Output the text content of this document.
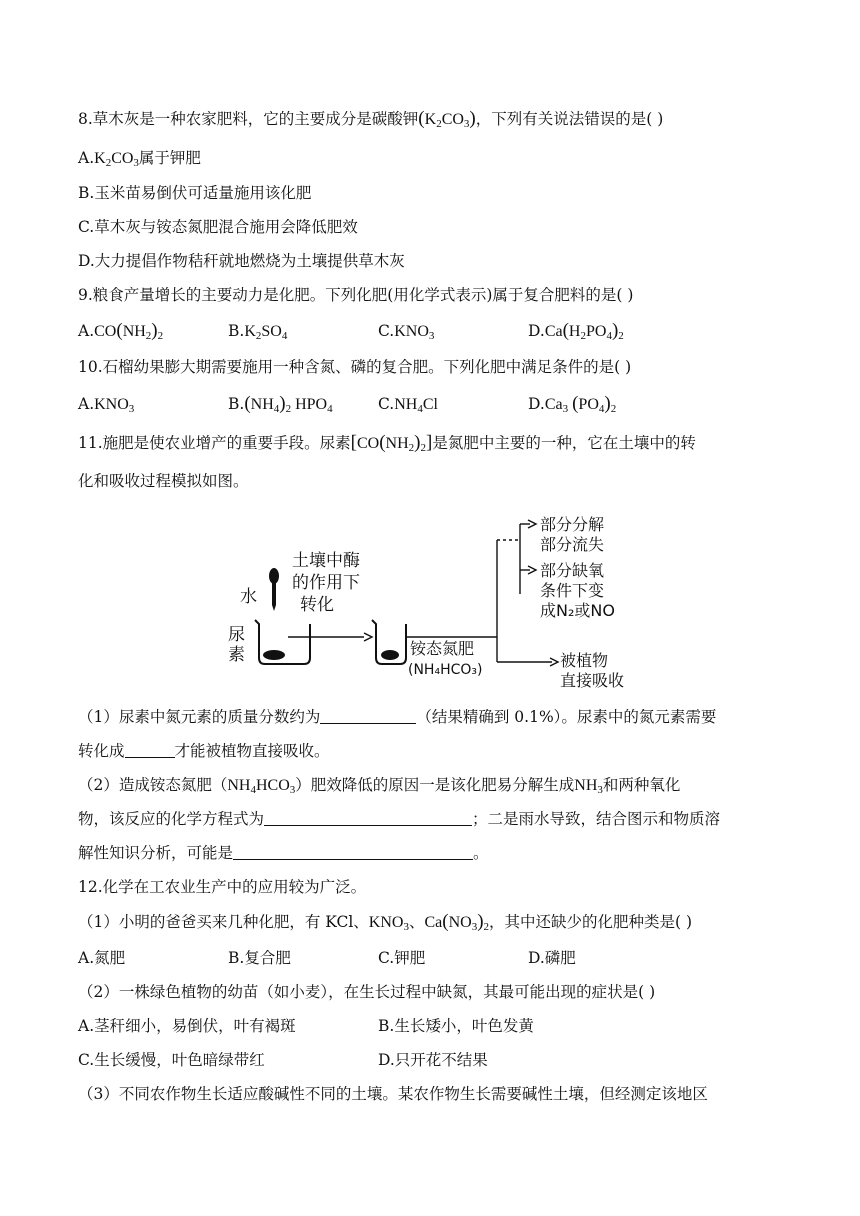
8.草木灰是一种农家肥料，它的主要成分是碳酸钾$(K_2CO_3)$，下列有关说法错误的是( )
$A.K_2CO_3$属于钾肥
B.玉米苗易倒伏可适量施用该化肥
C.草木灰与铵态氮肥混合施用会降低肥效
D.大力提倡作物秸秆就地燃烧为土壤提供草木灰
9.粮食产量增长的主要动力是化肥。下列化肥(用化学式表示)属于复合肥料的是( )
$A.CO(NH_2)_2$	$B.K_2SO_4$	$C.KNO_3$	$D.Ca(H_2PO_4)_2$
10.石榴幼果膨大期需要施用一种含氮、磷的复合肥。下列化肥中满足条件的是( )
$A.KNO_3$	$B.(NH_4)_2$ $HPO_4$	$C.NH_4Cl$	$D.Ca_3$ $(PO_4)_2$
11.施肥是使农业增产的重要手段。尿素$[CO(NH_2)_2]$是氮肥中主要的一种，它在土壤中的转
化和吸收过程模拟如图。
水
尿
素
土壤中酶
的作用下
转化
铵态氮肥
(NH₄HCO₃)
部分分解
部分流失
部分缺氧
条件下变
成N₂或NO
被植物
直接吸收
（1）尿素中氮元素的质量分数约为	（结果精确到 0.1%）。尿素中的氮元素需要
转化成	才能被植物直接吸收。
（2）造成铵态氮肥$(NH_4HCO_3)$肥效降低的原因一是该化肥易分解生成$NH_3$和两种氧化
物，该反应的化学方程式为	；二是雨水导致，结合图示和物质溶
解性知识分析，可能是	。
12.化学在工农业生产中的应用较为广泛。
（1）小明的爸爸买来几种化肥，有 KCl、$KNO_3$、$Ca(NO_3)_2$，其中还缺少的化肥种类是( )
A.氮肥	B.复合肥	C.钾肥	D.磷肥
（2）一株绿色植物的幼苗（如小麦），在生长过程中缺氮，其最可能出现的症状是( )
A.茎秆细小，易倒伏，叶有褐斑	B.生长矮小，叶色发黄
C.生长缓慢，叶色暗绿带红	D.只开花不结果
（3）不同农作物生长适应酸碱性不同的土壤。某农作物生长需要碱性土壤，但经测定该地区
